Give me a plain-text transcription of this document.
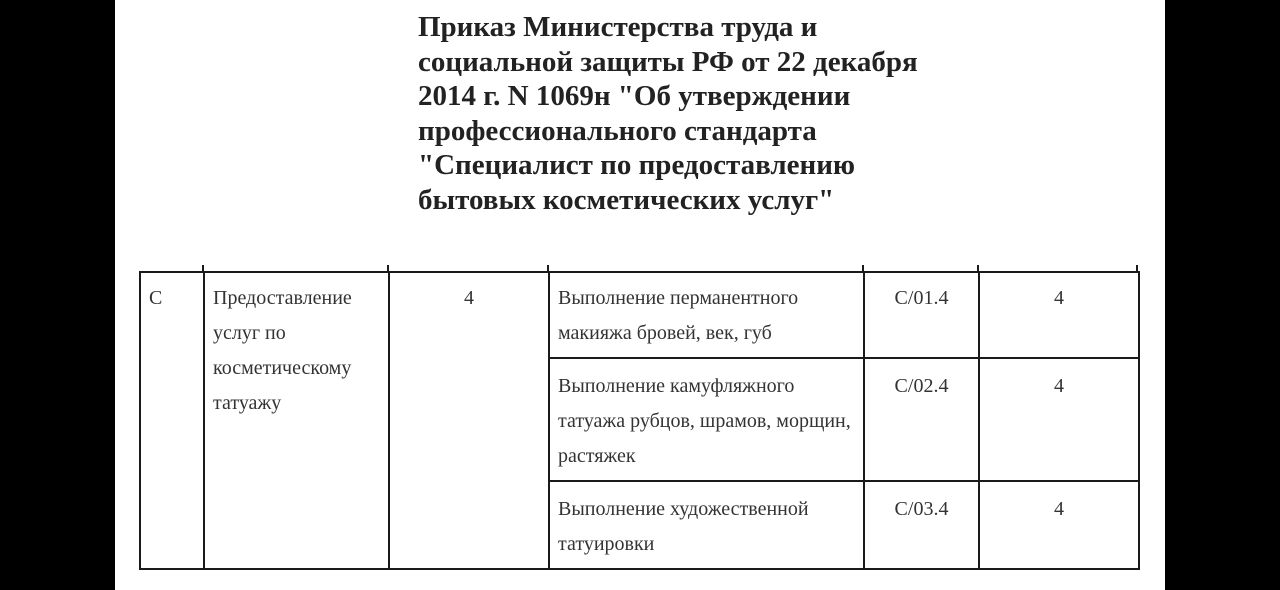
Приказ Министерства труда и социальной защиты РФ от 22 декабря 2014 г. N 1069н "Об утверждении профессионального стандарта "Специалист по предоставлению бытовых косметических услуг"
C	Предоставление услуг по косметическому татуажу	4	Выполнение перманентного макияжа бровей, век, губ	C/01.4	4
			Выполнение камуфляжного татуажа рубцов, шрамов, морщин, растяжек	C/02.4	4
			Выполнение художественной татуировки	C/03.4	4
